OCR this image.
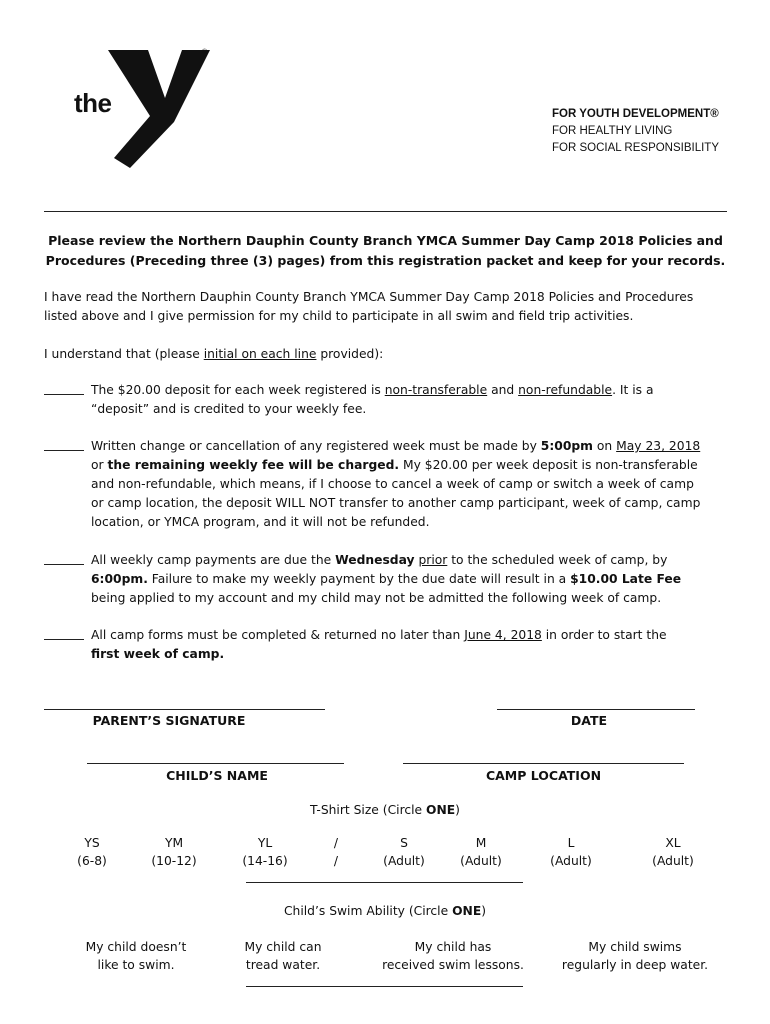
YMCA
®
the	FOR YOUTH DEVELOPMENT®
FOR HEALTHY LIVING
FOR SOCIAL RESPONSIBILITY
Please review the Northern Dauphin County Branch YMCA Summer Day Camp 2018 Policies and
Procedures (Preceding three (3) pages) from this registration packet and keep for your records.
I have read the Northern Dauphin County Branch YMCA Summer Day Camp 2018 Policies and Procedures
listed above and I give permission for my child to participate in all swim and field trip activities.
I understand that (please initial on each line provided):
The $20.00 deposit for each week registered is non-transferable and non-refundable. It is a
“deposit” and is credited to your weekly fee.
Written change or cancellation of any registered week must be made by 5:00pm on May 23, 2018
or the remaining weekly fee will be charged. My $20.00 per week deposit is non-transferable
and non-refundable, which means, if I choose to cancel a week of camp or switch a week of camp
or camp location, the deposit WILL NOT transfer to another camp participant, week of camp, camp
location, or YMCA program, and it will not be refunded.
All weekly camp payments are due the Wednesday prior to the scheduled week of camp, by
6:00pm. Failure to make my weekly payment by the due date will result in a $10.00 Late Fee
being applied to my account and my child may not be admitted the following week of camp.
All camp forms must be completed & returned no later than June 4, 2018 in order to start the
first week of camp.
PARENT’S SIGNATURE	DATE
CHILD’S NAME	CAMP LOCATION
T-Shirt Size (Circle ONE)
YS
(6-8)
YM
(10-12)
YL
(14-16)
/
/
S
(Adult)
M
(Adult)
L
(Adult)
XL
(Adult)
Child’s Swim Ability (Circle ONE)
My child doesn’t
like to swim.
My child can
tread water.
My child has
received swim lessons.
My child swims
regularly in deep water.
